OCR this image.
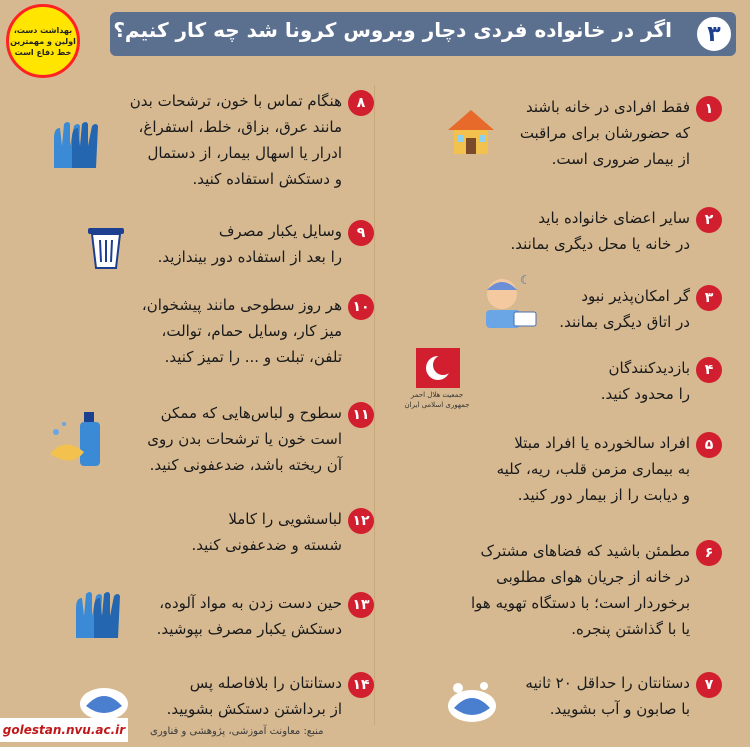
بهداشت دست، اولین و مهمترین خط دفاع است
اگر در خانواده فردی دچار ویروس کرونا شد چه کار کنیم؟	۳
۱
فقط افرادی در خانه باشند
که حضورشان برای مراقبت
از بیمار ضروری است.
۲
سایر اعضای خانواده باید
در خانه یا محل دیگری بمانند.
۳
گر امکان‌پذیر نبود
در اتاق دیگری بمانند.
۴
بازدیدکنندگان
را محدود کنید.
۵
افراد سالخورده یا افراد مبتلا
به بیماری مزمن قلب، ریه، کلیه
و دیابت را از بیمار دور کنید.
۶
مطمئن باشید که فضاهای مشترک
در خانه از جریان هوای مطلوبی
برخوردار است؛ با دستگاه تهویه هوا
یا با گذاشتن پنجره.
۷
دستانتان را حداقل ۲۰ ثانیه
با صابون و آب بشویید.
۸
هنگام تماس با خون، ترشحات بدن
مانند عرق، بزاق، خلط، استفراغ،
ادرار یا اسهال بیمار، از دستمال
و دستکش استفاده کنید.
۹
وسایل یکبار مصرف
را بعد از استفاده دور بیندازید.
۱۰
هر روز سطوحی مانند پیشخوان،
میز کار، وسایل حمام، توالت،
تلفن، تبلت و ... را تمیز کنید.
۱۱
سطوح و لباس‌هایی که ممکن
است خون یا ترشحات بدن روی
آن ریخته باشد، ضدعفونی کنید.
۱۲
لباسشویی را کاملا
شسته و ضدعفونی کنید.
۱۳
حین دست زدن به مواد آلوده،
دستکش یکبار مصرف بپوشید.
۱۴
دستانتان را بلافاصله پس
از برداشتن دستکش بشویید.
☾
جمعیت هلال احمر
جمهوری اسلامی ایران
golestan.nvu.ac.ir منبع: معاونت آموزشی، پژوهشی و فناوری
